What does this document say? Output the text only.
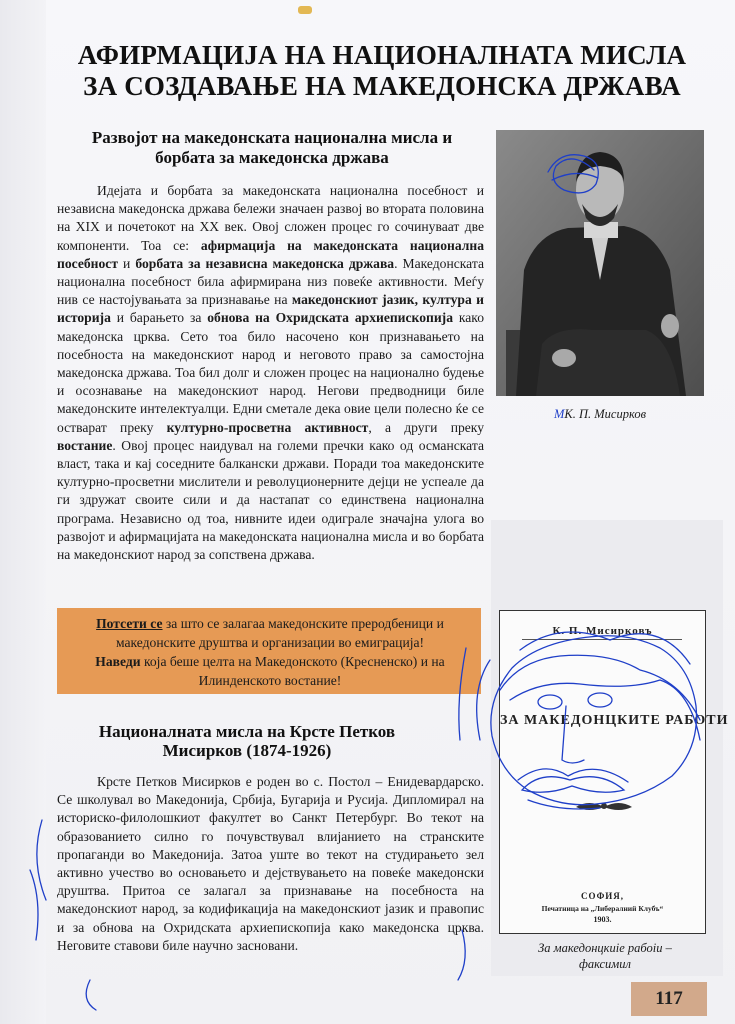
АФИРМАЦИЈА НА НАЦИОНАЛНАТА МИСЛА
ЗА СОЗДАВАЊЕ НА МАКЕДОНСКА ДРЖАВА
Развојот на македонската национална мисла и
борбата за македонска држава

Идејата и борбата за македонската национална посебност и независна македонска држава бележи значаен развој во втората половина на XIX и почетокот на XX век. Овој сложен процес го сочинуваат две компоненти. Тоа се: афирмација на македонската национална посебност и борбата за независна македонска држава. Македонската национална посебност била афирмирана низ повеќе активности. Меѓу нив се настојувањата за признавање на македонскиот јазик, култура и историја и барањето за обнова на Охридската архиепископија како македонска црква. Сето тоа било насочено кон признавањето на посебноста на македонскиот народ и неговото право за самостојна македонска држава. Тоа бил долг и сложен процес на национално будење и осознавање на македонскиот народ. Негови предводници биле македонските интелектуалци. Едни сметале дека овие цели полесно ќе се остварат преку културно-просветна активност, а други преку востание. Овој процес наидувал на големи пречки како од османската власт, така и кај соседните балкански држави. Поради тоа македонските културно-просветни мислители и револуционерните дејци не успеале да ги здружат своите сили и да настапат со единствена национална програма. Независно од тоа, нивните идеи одиграле значајна улога во развојот и афирмацијата на македонската национална мисла и во борбата на македонскиот народ за сопствена држава.

Потсети се за што се залагаа македонските преродбеници и македонските друштва и организации во емиграција!

Наведи која беше целта на Македонското (Кресненско) и на Илинденското востание!

Националната мисла на Крсте Петков
Мисирков (1874-1926)

Крсте Петков Мисирков е роден во с. Постол – Енидевардарско. Се школувал во Македонија, Србија, Бугарија и Русија. Дипломирал на историско-филолошкиот факултет во Санкт Петербург. Во текот на образованието силно го почувствувал влијанието на странските пропаганди во Македонија. Затоа уште во текот на студирањето зел активно учество во основањето и дејствувањето на повеќе македонски друштва. Притоа се залагал за признавање на посебноста на македонскиот народ, за кодификација на македонскиот јазик и правопис и за обнова на Охридската архиепископија како македонска црква. Неговите ставови биле научно засновани.

МК. П. Мисирков
К. П. Мисирковъ
ЗА МАКЕДОНЦКИТЕ РАБОТИ
СОФИЯ,
Печатница на „Либералний Клубъ“
1903.
За македонцкиiе рабоiи –
факсимил
117
